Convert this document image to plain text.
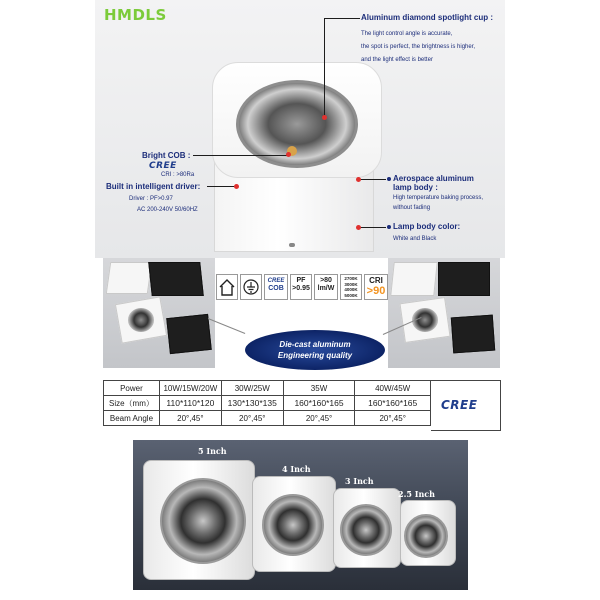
HMDLS	Aluminum diamond spotlight cup :
The light control angle is accurate,
the spot is perfect, the brightness is higher,
and the light effect is better
Bright COB :
CREE
CRI : >80Ra
Built in intelligent driver:
Driver : PF>0.97
AC 200-240V 50/60HZ
Aerospace aluminum
lamp body :
High temperature baking process,
without fading
Lamp body color:
White and Black
CREE
COB
PF
>0.95
>80
lm/W
2700K
3000K
4000K
5000K
CRI
>90
Die-cast aluminum
Engineering quality
Power	10W/15W/20W	30W/25W	35W	40W/45W
Size（mm）	110*110*120	130*130*135	160*160*165	160*160*165
Beam Angle	20°,45°	20°,45°	20°,45°	20°,45°
CREE
5 Inch
4 Inch
3 Inch
2.5 Inch
